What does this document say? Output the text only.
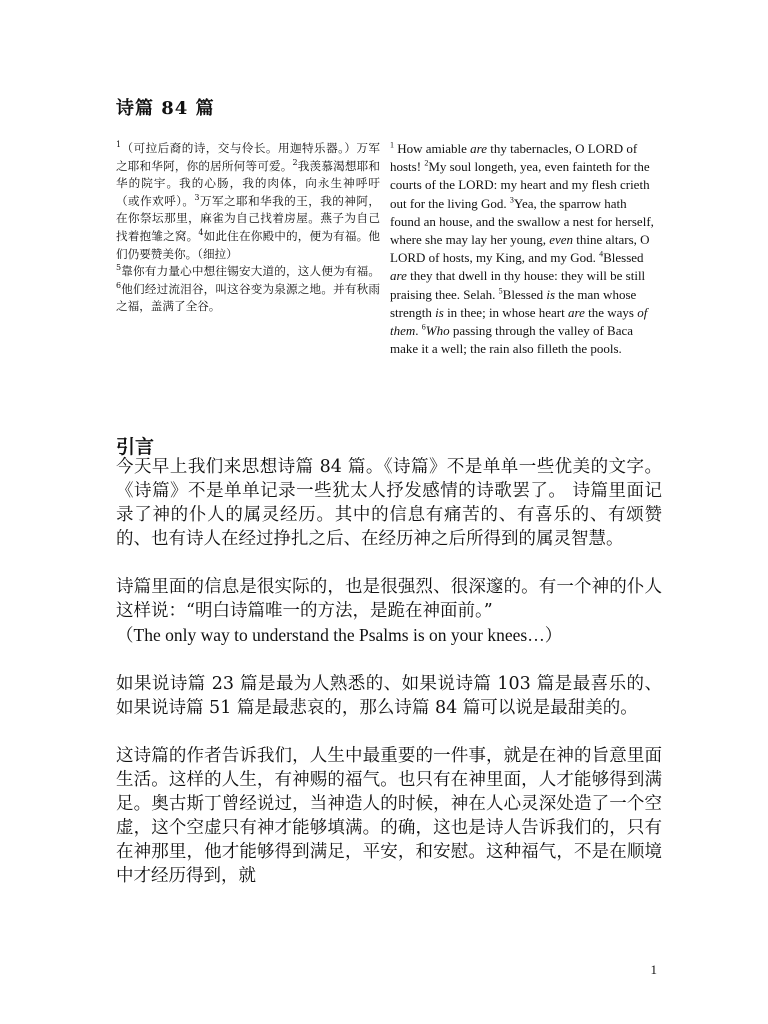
诗篇 84 篇

$^1$（可拉后裔的诗，交与伶长。用迦特乐器。）万军之耶和华阿，你的居所何等可爱。$^2$我羡慕渴想耶和华的院宇。我的心肠，我的肉体，向永生神呼吁（或作欢呼）。$^3$万军之耶和华我的王，我的神阿，在你祭坛那里，麻雀为自己找着房屋。燕子为自己找着抱雏之窝。$^4$如此住在你殿中的，便为有福。他们仍要赞美你。（细拉）
$^5$靠你有力量心中想往锡安大道的，这人便为有福。$^6$他们经过流泪谷，叫这谷变为泉源之地。并有秋雨之福，盖满了全谷。

$^1$ How amiable are thy tabernacles, O LORD of hosts! $^2$My soul longeth, yea, even fainteth for the courts of the LORD: my heart and my flesh crieth out for the living God. $^3$Yea, the sparrow hath found an house, and the swallow a nest for herself, where she may lay her young, even thine altars, O LORD of hosts, my King, and my God. $^4$Blessed are they that dwell in thy house: they will be still praising thee. Selah. $^5$Blessed is the man whose strength is in thee; in whose heart are the ways of them. $^6$Who passing through the valley of Baca make it a well; the rain also filleth the pools.

引言

今天早上我们来思想诗篇 84 篇。《诗篇》不是单单一些优美的文字。《诗篇》不是单单记录一些犹太人抒发感情的诗歌罢了。 诗篇里面记录了神的仆人的属灵经历。其中的信息有痛苦的、有喜乐的、有颂赞的、也有诗人在经过挣扎之后、在经历神之后所得到的属灵智慧。

诗篇里面的信息是很实际的，也是很强烈、很深邃的。有一个神的仆人这样说：“明白诗篇唯一的方法，是跪在神面前。”
（The only way to understand the Psalms is on your knees…）

如果说诗篇 23 篇是最为人熟悉的、如果说诗篇 103 篇是最喜乐的、如果说诗篇 51 篇是最悲哀的，那么诗篇 84 篇可以说是最甜美的。

这诗篇的作者告诉我们，人生中最重要的一件事，就是在神的旨意里面生活。这样的人生，有神赐的福气。也只有在神里面，人才能够得到满足。奥古斯丁曾经说过，当神造人的时候，神在人心灵深处造了一个空虚，这个空虚只有神才能够填满。的确，这也是诗人告诉我们的，只有在神那里，他才能够得到满足，平安，和安慰。这种福气，不是在顺境中才经历得到，就

1
